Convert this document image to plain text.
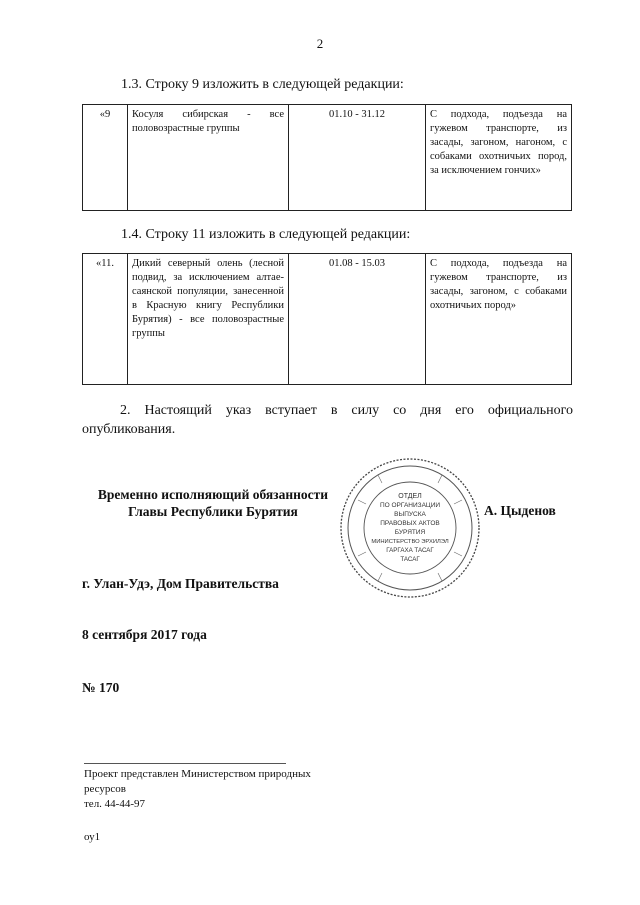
2
1.3. Строку 9 изложить в следующей редакции:
«9	Косуля сибирская - все половозрастные группы	01.10 - 31.12	С подхода, подъезда на гужевом транспорте, из засады, загоном, нагоном, с собаками охотничьих пород, за исключением гончих»
1.4. Строку 11 изложить в следующей редакции:
«11.	Дикий северный олень (лесной подвид, за исключением алтае-саянской популяции, занесенной в Красную книгу Республики Бурятия) - все половозрастные группы	01.08 - 15.03	С подхода, подъезда на гужевом транспорте, из засады, загоном, с собаками охотничьих пород»
2. Настоящий указ вступает в силу со дня его официального опубликования.
Временно исполняющий обязанности
Главы Республики Бурятия
ОТДЕЛ
ПО ОРГАНИЗАЦИИ
ВЫПУСКА
ПРАВОВЫХ АКТОВ
БУРЯТИЯ
МИНИСТЕРСТВО ЭРХИЛЭЛ
ГАРГАХА ТАСАГ
ТАСАГ
А. Цыденов
г. Улан-Удэ, Дом Правительства
8 сентября 2017 года
№ 170
Проект представлен Министерством природных
ресурсов
тел. 44-44-97
оу1
